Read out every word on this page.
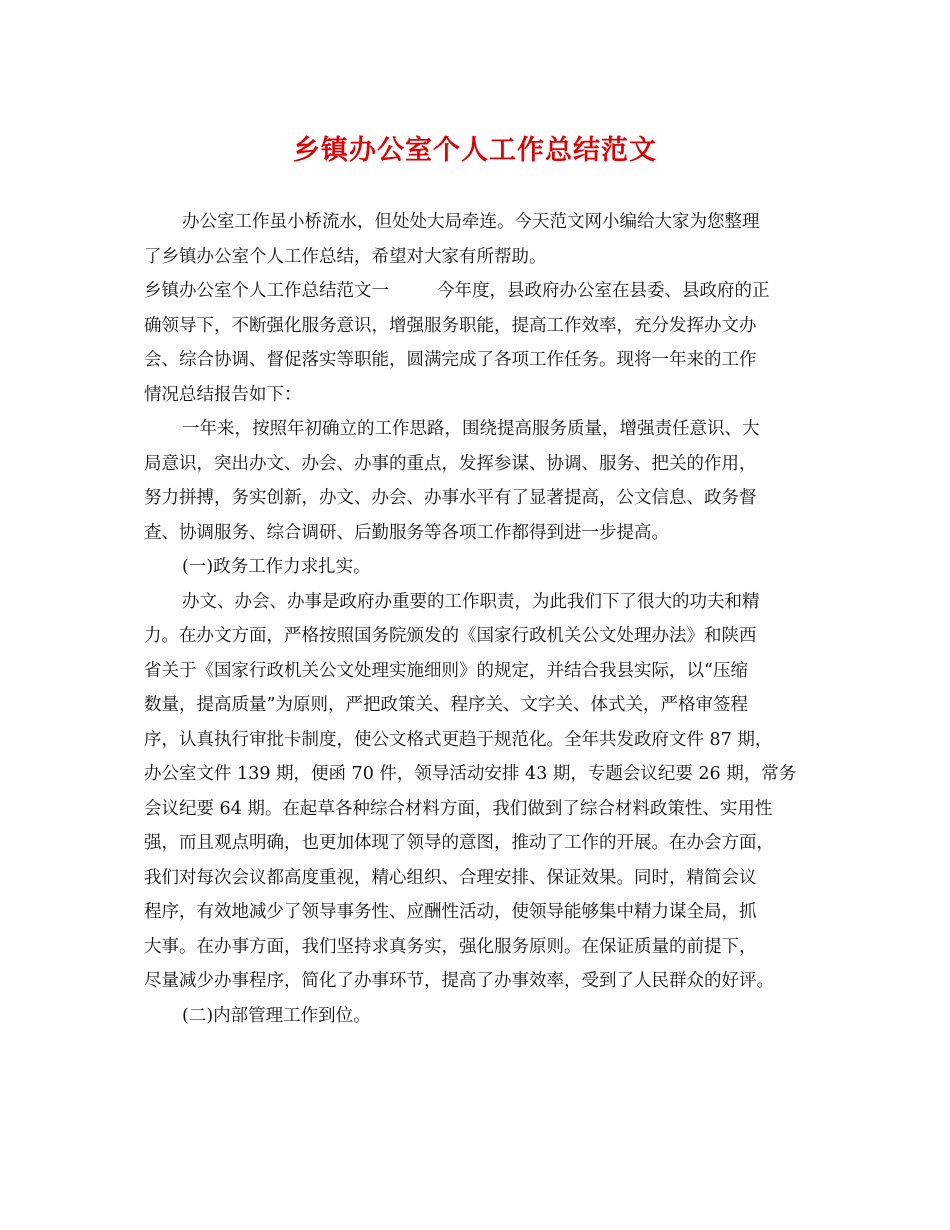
乡镇办公室个人工作总结范文
办公室工作虽小桥流水，但处处大局牵连。今天范文网小编给大家为您整理
了乡镇办公室个人工作总结，希望对大家有所帮助。
乡镇办公室个人工作总结范文一	今年度，县政府办公室在县委、县政府的正
确领导下，不断强化服务意识，增强服务职能，提高工作效率，充分发挥办文办
会、综合协调、督促落实等职能，圆满完成了各项工作任务。现将一年来的工作
情况总结报告如下：
一年来，按照年初确立的工作思路，围绕提高服务质量，增强责任意识、大
局意识，突出办文、办会、办事的重点，发挥参谋、协调、服务、把关的作用，
努力拼搏，务实创新，办文、办会、办事水平有了显著提高，公文信息、政务督
查、协调服务、综合调研、后勤服务等各项工作都得到进一步提高。
(一)政务工作力求扎实。
办文、办会、办事是政府办重要的工作职责，为此我们下了很大的功夫和精
力。在办文方面，严格按照国务院颁发的《国家行政机关公文处理办法》和陕西
省关于《国家行政机关公文处理实施细则》的规定，并结合我县实际，以“压缩
数量，提高质量”为原则，严把政策关、程序关、文字关、体式关，严格审签程
序，认真执行审批卡制度，使公文格式更趋于规范化。全年共发政府文件 87 期，
办公室文件 139 期，便函 70 件，领导活动安排 43 期，专题会议纪要 26 期，常务
会议纪要 64 期。在起草各种综合材料方面，我们做到了综合材料政策性、实用性
强，而且观点明确，也更加体现了领导的意图，推动了工作的开展。在办会方面，
我们对每次会议都高度重视，精心组织、合理安排、保证效果。同时，精简会议
程序，有效地减少了领导事务性、应酬性活动，使领导能够集中精力谋全局，抓
大事。在办事方面，我们坚持求真务实，强化服务原则。在保证质量的前提下，
尽量减少办事程序，简化了办事环节，提高了办事效率，受到了人民群众的好评。
(二)内部管理工作到位。
